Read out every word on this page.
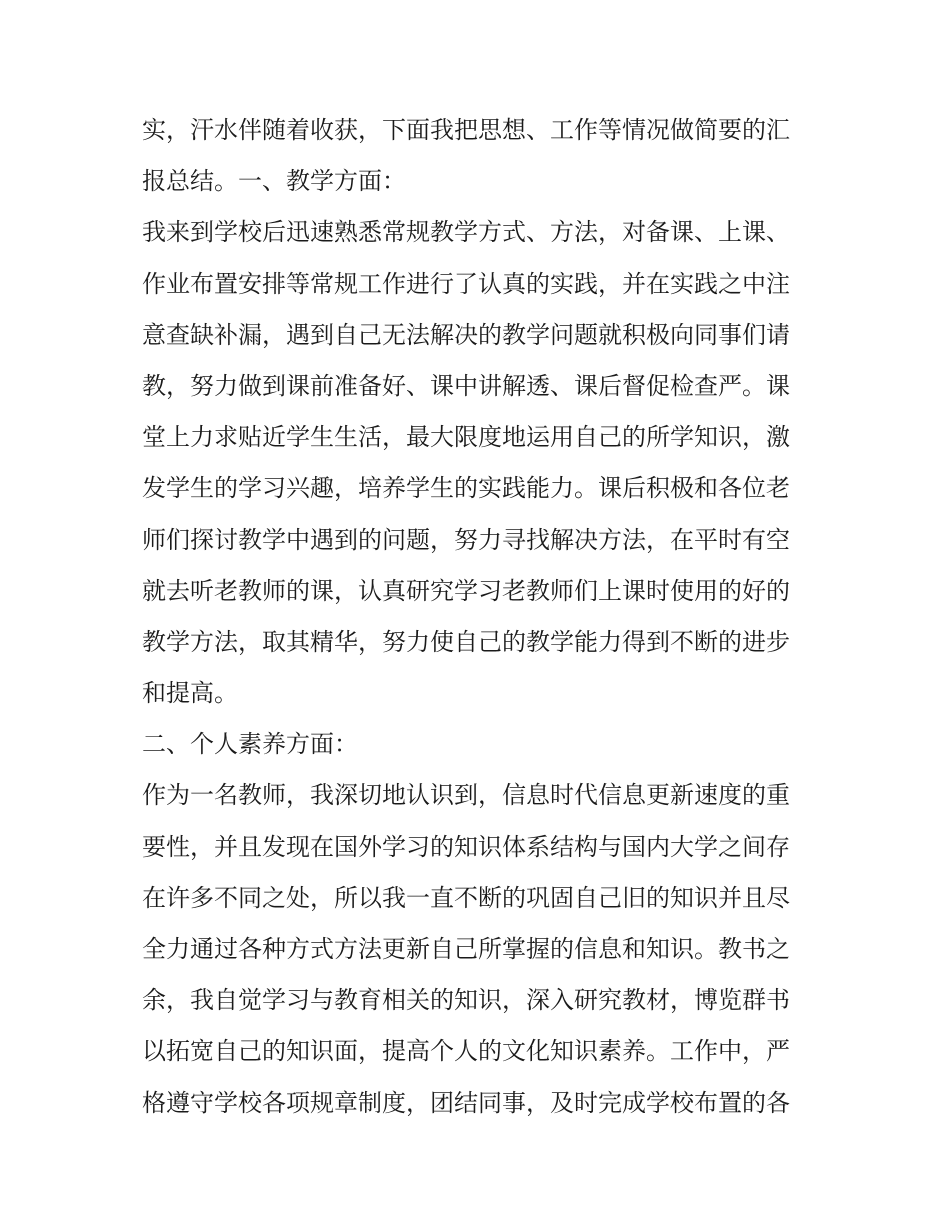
实，汗水伴随着收获，下面我把思想、工作等情况做简要的汇
报总结。一、教学方面：
我来到学校后迅速熟悉常规教学方式、方法，对备课、上课、
作业布置安排等常规工作进行了认真的实践，并在实践之中注
意查缺补漏，遇到自己无法解决的教学问题就积极向同事们请
教，努力做到课前准备好、课中讲解透、课后督促检查严。课
堂上力求贴近学生生活，最大限度地运用自己的所学知识，激
发学生的学习兴趣，培养学生的实践能力。课后积极和各位老
师们探讨教学中遇到的问题，努力寻找解决方法，在平时有空
就去听老教师的课，认真研究学习老教师们上课时使用的好的
教学方法，取其精华，努力使自己的教学能力得到不断的进步
和提高。
二、个人素养方面：
作为一名教师，我深切地认识到，信息时代信息更新速度的重
要性，并且发现在国外学习的知识体系结构与国内大学之间存
在许多不同之处，所以我一直不断的巩固自己旧的知识并且尽
全力通过各种方式方法更新自己所掌握的信息和知识。教书之
余，我自觉学习与教育相关的知识，深入研究教材，博览群书
以拓宽自己的知识面，提高个人的文化知识素养。工作中，严
格遵守学校各项规章制度，团结同事，及时完成学校布置的各
